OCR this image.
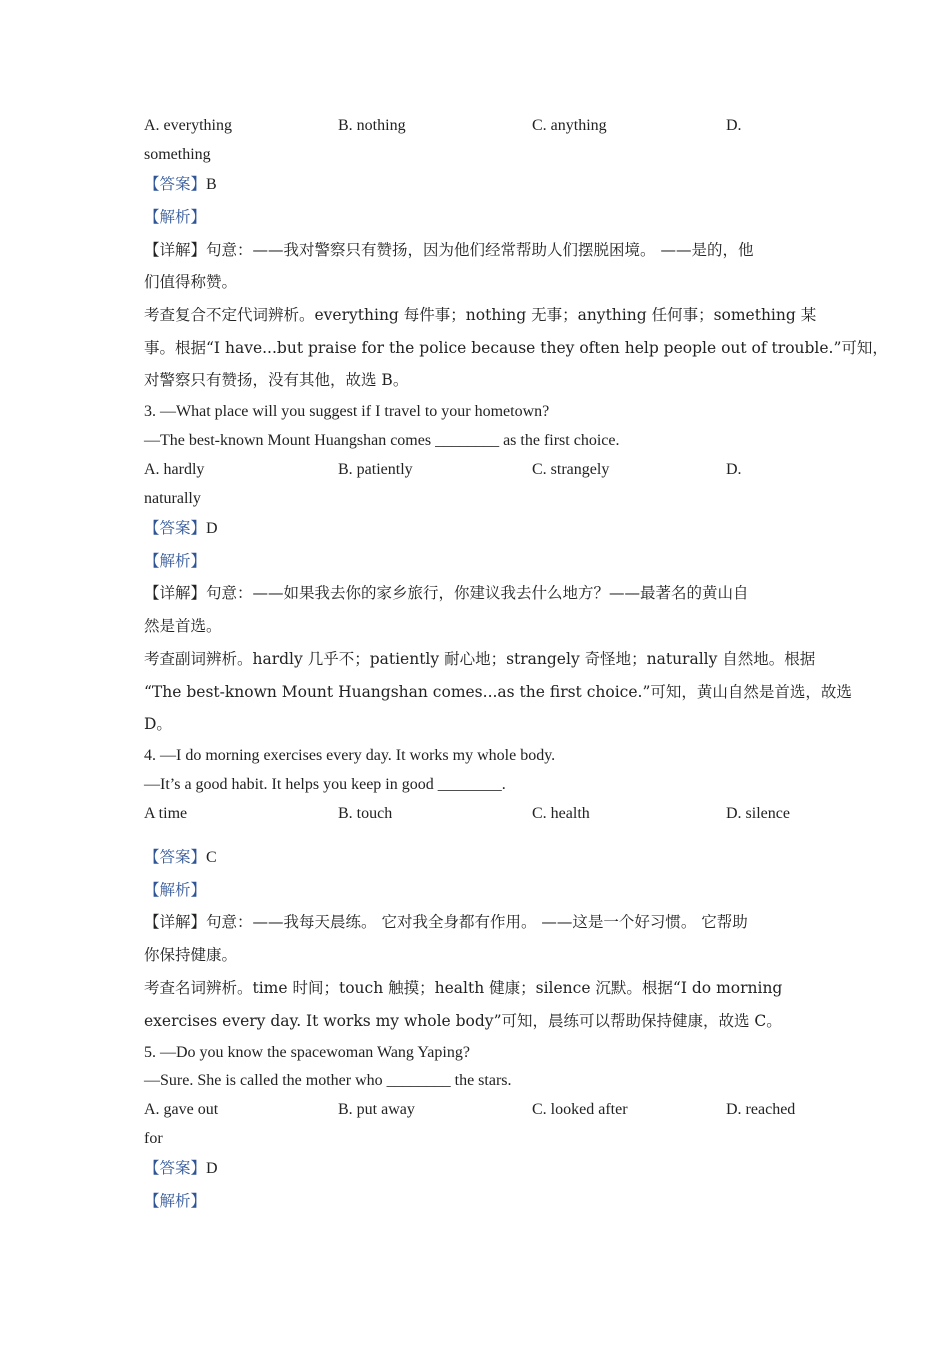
A. everything	B. nothing	C. anything	D.
something
【答案】B
【解析】
【详解】句意：——我对警察只有赞扬，因为他们经常帮助人们摆脱困境。 ——是的，他
们值得称赞。
考查复合不定代词辨析。everything 每件事；nothing 无事；anything 任何事；something 某
事。根据“I have...but praise for the police because they often help people out of trouble.”可知，
对警察只有赞扬，没有其他，故选 B。
3. —What place will you suggest if I travel to your hometown?
—The best-known Mount Huangshan comes ________ as the first choice.
A. hardly	B. patiently	C. strangely	D.
naturally
【答案】D
【解析】
【详解】句意：——如果我去你的家乡旅行，你建议我去什么地方？——最著名的黄山自
然是首选。
考查副词辨析。hardly 几乎不；patiently 耐心地；strangely 奇怪地；naturally 自然地。根据
“The best-known Mount Huangshan comes...as the first choice.”可知，黄山自然是首选，故选
D。
4. —I do morning exercises every day. It works my whole body.
—It’s a good habit. It helps you keep in good ________.
A time	B. touch	C. health	D. silence
【答案】C
【解析】
【详解】句意：——我每天晨练。 它对我全身都有作用。 ——这是一个好习惯。 它帮助
你保持健康。
考查名词辨析。time 时间；touch 触摸；health 健康；silence 沉默。根据“I do morning
exercises every day. It works my whole body”可知，晨练可以帮助保持健康，故选 C。
5. —Do you know the spacewoman Wang Yaping?
—Sure. She is called the mother who ________ the stars.
A. gave out	B. put away	C. looked after	D. reached
for
【答案】D
【解析】
